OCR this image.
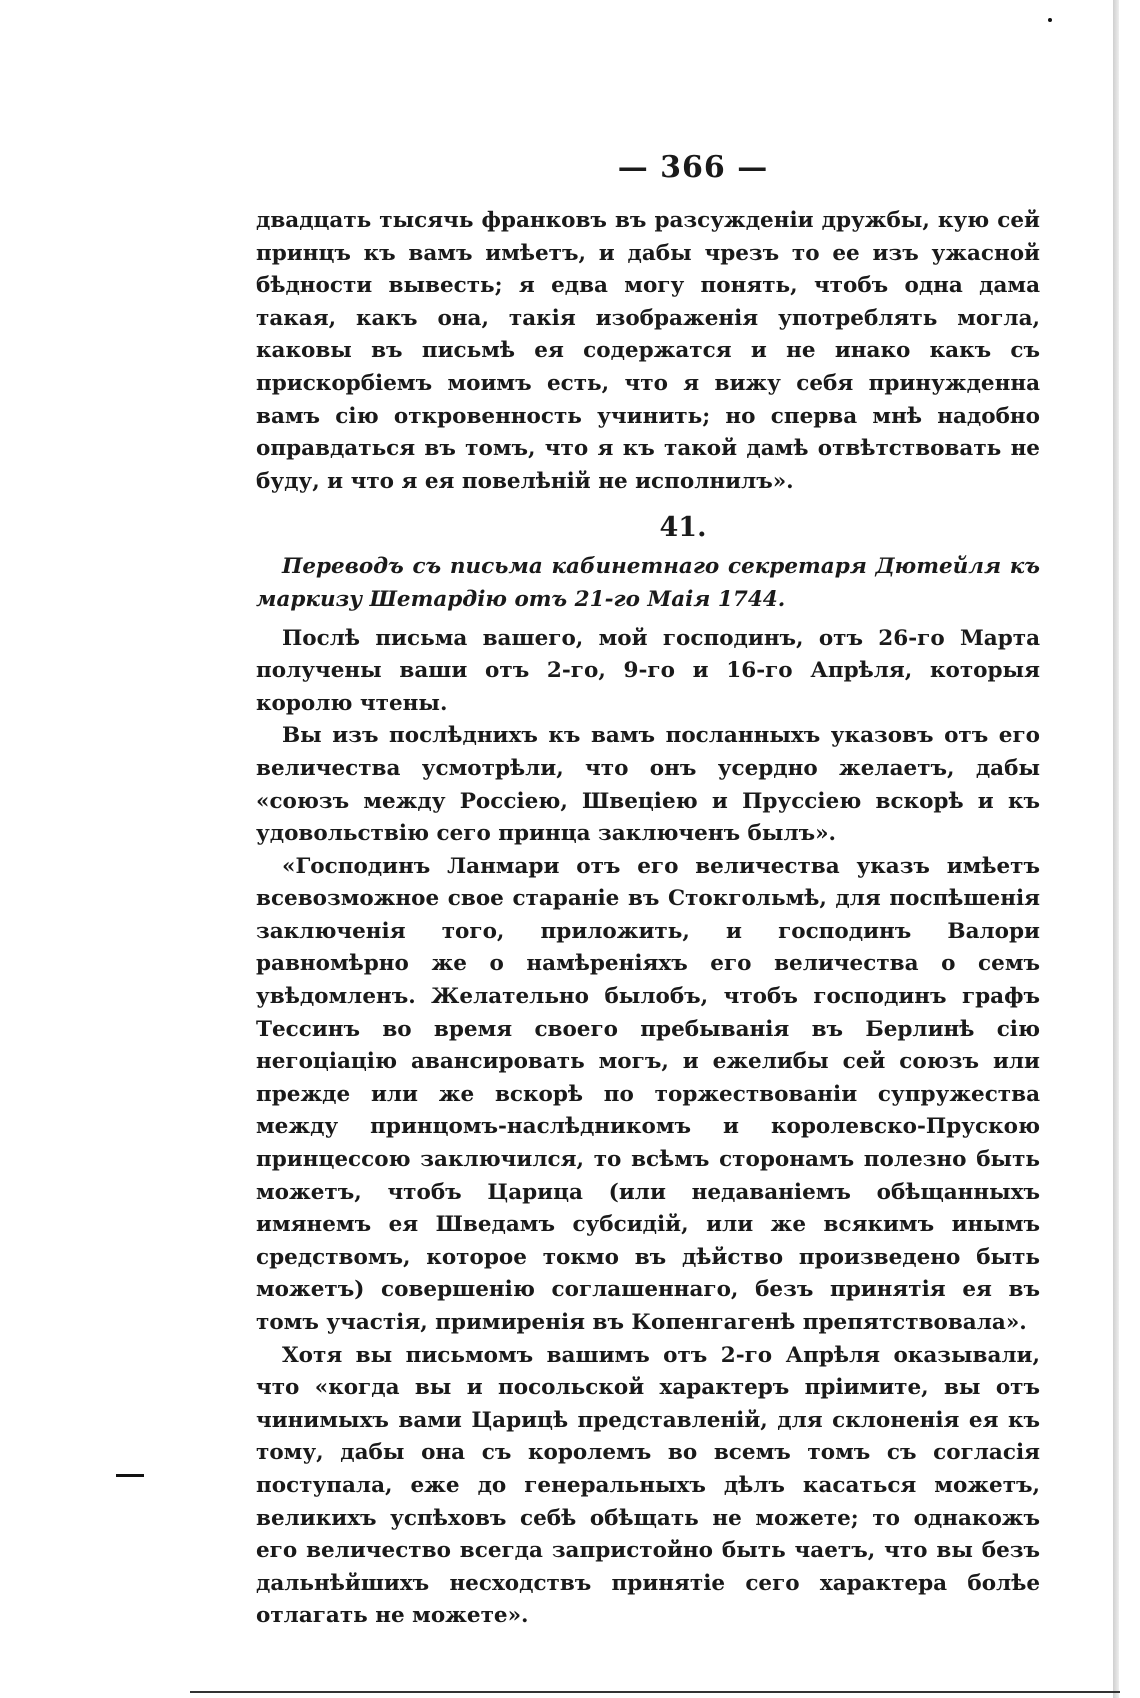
— 366 —

двадцать тысячь франковъ въ разсужденіи дружбы, кую сей принцъ къ вамъ имѣетъ, и дабы чрезъ то ее изъ ужасной бѣдности вывесть; я едва могу понять, чтобъ одна дама такая, какъ она, такія изображенія употреблять могла, каковы въ письмѣ ея содержатся и не инако какъ съ прискорбіемъ моимъ есть, что я вижу себя принужденна вамъ сію откровенность учинить; но сперва мнѣ надобно оправдаться въ томъ, что я къ такой дамѣ отвѣтствовать не буду, и что я ея повелѣній не исполнилъ».

41.

Переводъ съ письма кабинетнаго секретаря Дютейля къ маркизу Шетардію отъ 21-го Маія 1744.

Послѣ письма вашего, мой господинъ, отъ 26-го Марта получены ваши отъ 2-го, 9-го и 16-го Апрѣля, которыя королю чтены.

Вы изъ послѣднихъ къ вамъ посланныхъ указовъ отъ его величества усмотрѣли, что онъ усердно желаетъ, дабы «союзъ между Россіею, Швеціею и Пруссіею вскорѣ и къ удовольствію сего принца заключенъ былъ».

«Господинъ Ланмари отъ его величества указъ имѣетъ всевозможное свое стараніе въ Стокгольмѣ, для поспѣшенія заключенія того, приложить, и господинъ Валори равномѣрно же о намѣреніяхъ его величества о семъ увѣдомленъ. Желательно былобъ, чтобъ господинъ графъ Тессинъ во время своего пребыванія въ Берлинѣ сію негоціацію авансировать могъ, и ежелибы сей союзъ или прежде или же вскорѣ по торжествованіи супружества между принцомъ-наслѣдникомъ и королевско-Прускою принцессою заключился, то всѣмъ сторонамъ полезно быть можетъ, чтобъ Царица (или недаваніемъ обѣщанныхъ имянемъ ея Шведамъ субсидій, или же всякимъ инымъ средствомъ, которое токмо въ дѣйство произведено быть можетъ) совершенію соглашеннаго, безъ принятія ея въ томъ участія, примиренія въ Копенгагенѣ препятствовала».

Хотя вы письмомъ вашимъ отъ 2-го Апрѣля оказывали, что «когда вы и посольской характеръ пріимите, вы отъ чинимыхъ вами Царицѣ представленій, для склоненія ея къ тому, дабы она съ королемъ во всемъ томъ съ согласія поступала, еже до генеральныхъ дѣлъ касаться можетъ, великихъ успѣховъ себѣ обѣщать не можете; то однакожъ его величество всегда запристойно быть чаетъ, что вы безъ дальнѣйшихъ несходствъ принятіе сего характера болѣе отлагать не можете».
